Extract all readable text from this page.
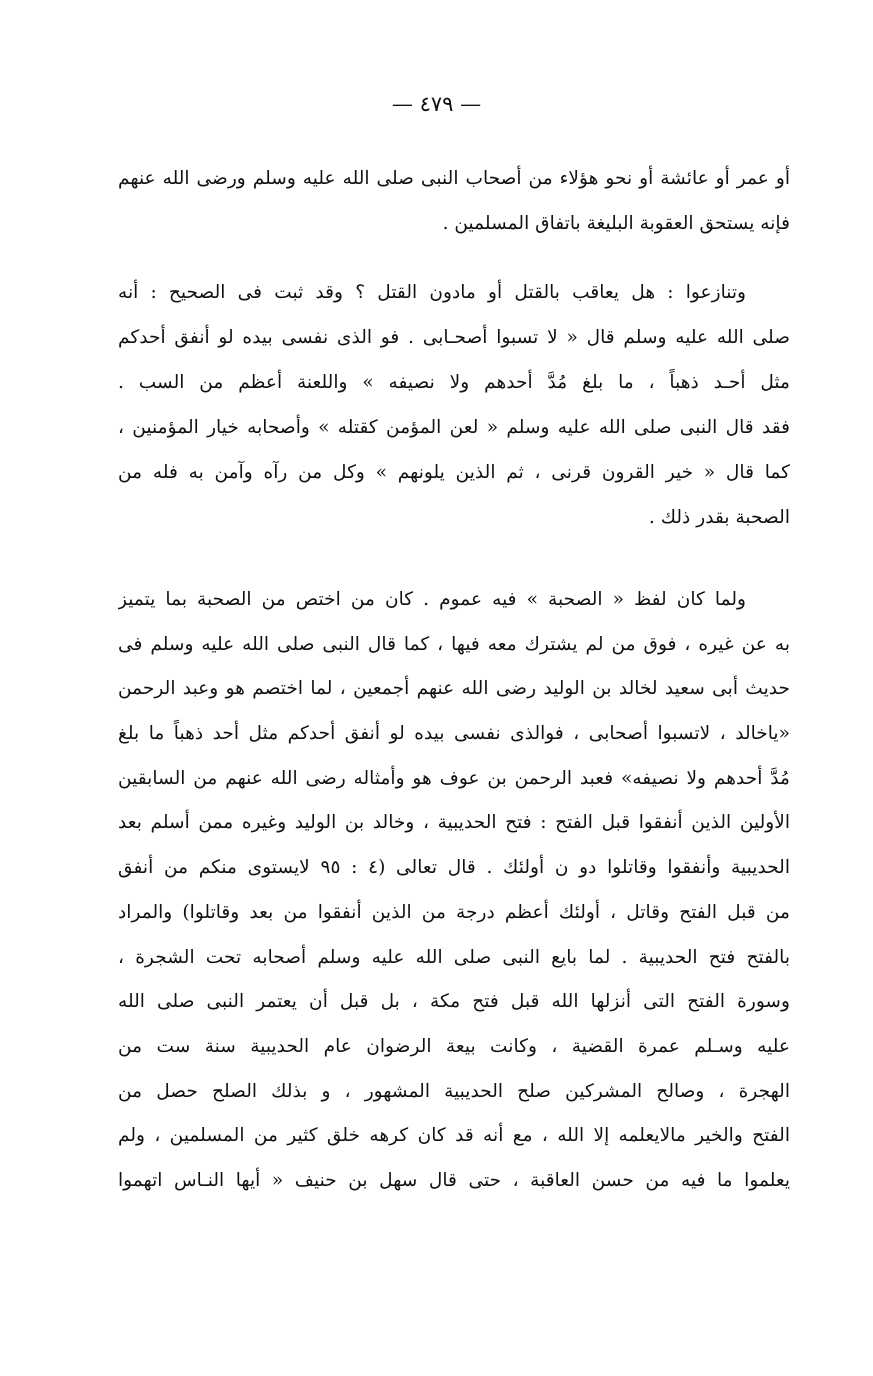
— ٤٧٩ —

أو عمر أو عائشة أو نحو هؤلاء من أصحاب النبى صلى الله عليه وسلم ورضى الله عنهم

فإنه يستحق العقوبة البليغة باتفاق المسلمين .

وتنازعوا : هل يعاقب بالقتل أو مادون القتل ؟ وقد ثبت فى الصحيح : أنه

صلى الله عليه وسلم قال « لا تسبوا أصحـابى . فو الذى نفسى بيده لو أنفق أحدكم

مثل أحـد ذهباً ، ما بلغ مُدَّ أحدهم ولا نصيفه » واللعنة أعظم من السب .

فقد قال النبى صلى الله عليه وسلم « لعن المؤمن كقتله » وأصحابه خيار المؤمنين ،

كما قال « خير القرون قرنى ، ثم الذين يلونهم » وكل من رآه وآمن به فله من

الصحبة بقدر ذلك .

ولما كان لفظ « الصحبة » فيه عموم . كان من اختص من الصحبة بما يتميز

به عن غيره ، فوق من لم يشترك معه فيها ، كما قال النبى صلى الله عليه وسلم فى

حديث أبى سعيد لخالد بن الوليد رضى الله عنهم أجمعين ، لما اختصم هو وعبد الرحمن

«ياخالد ، لاتسبوا أصحابى ، فوالذى نفسى بيده لو أنفق أحدكم مثل أحد ذهباً ما بلغ

مُدَّ أحدهم ولا نصيفه» فعبد الرحمن بن عوف هو وأمثاله رضى الله عنهم من السابقين

الأولين الذين أنفقوا قبل الفتح : فتح الحديبية ، وخالد بن الوليد وغيره ممن أسلم بعد

الحديبية وأنفقوا وقاتلوا دو ن أولئك . قال تعالى (٤ : ٩٥ لايستوى منكم من أنفق

من قبل الفتح وقاتل ، أولئك أعظم درجة من الذين أنفقوا من بعد وقاتلوا) والمراد

بالفتح فتح الحديبية . لما بايع النبى صلى الله عليه وسلم أصحابه تحت الشجرة ،

وسورة الفتح التى أنزلها الله قبل فتح مكة ، بل قبل أن يعتمر النبى صلى الله

عليه وسـلم عمرة القضية ، وكانت بيعة الرضوان عام الحديبية سنة ست من

الهجرة ، وصالح المشركين صلح الحديبية المشهور ، و بذلك الصلح حصل من

الفتح والخير مالايعلمه إلا الله ، مع أنه قد كان كرهه خلق كثير من المسلمين ، ولم

يعلموا ما فيه من حسن العاقبة ، حتى قال سهل بن حنيف « أيها النـاس اتهموا
